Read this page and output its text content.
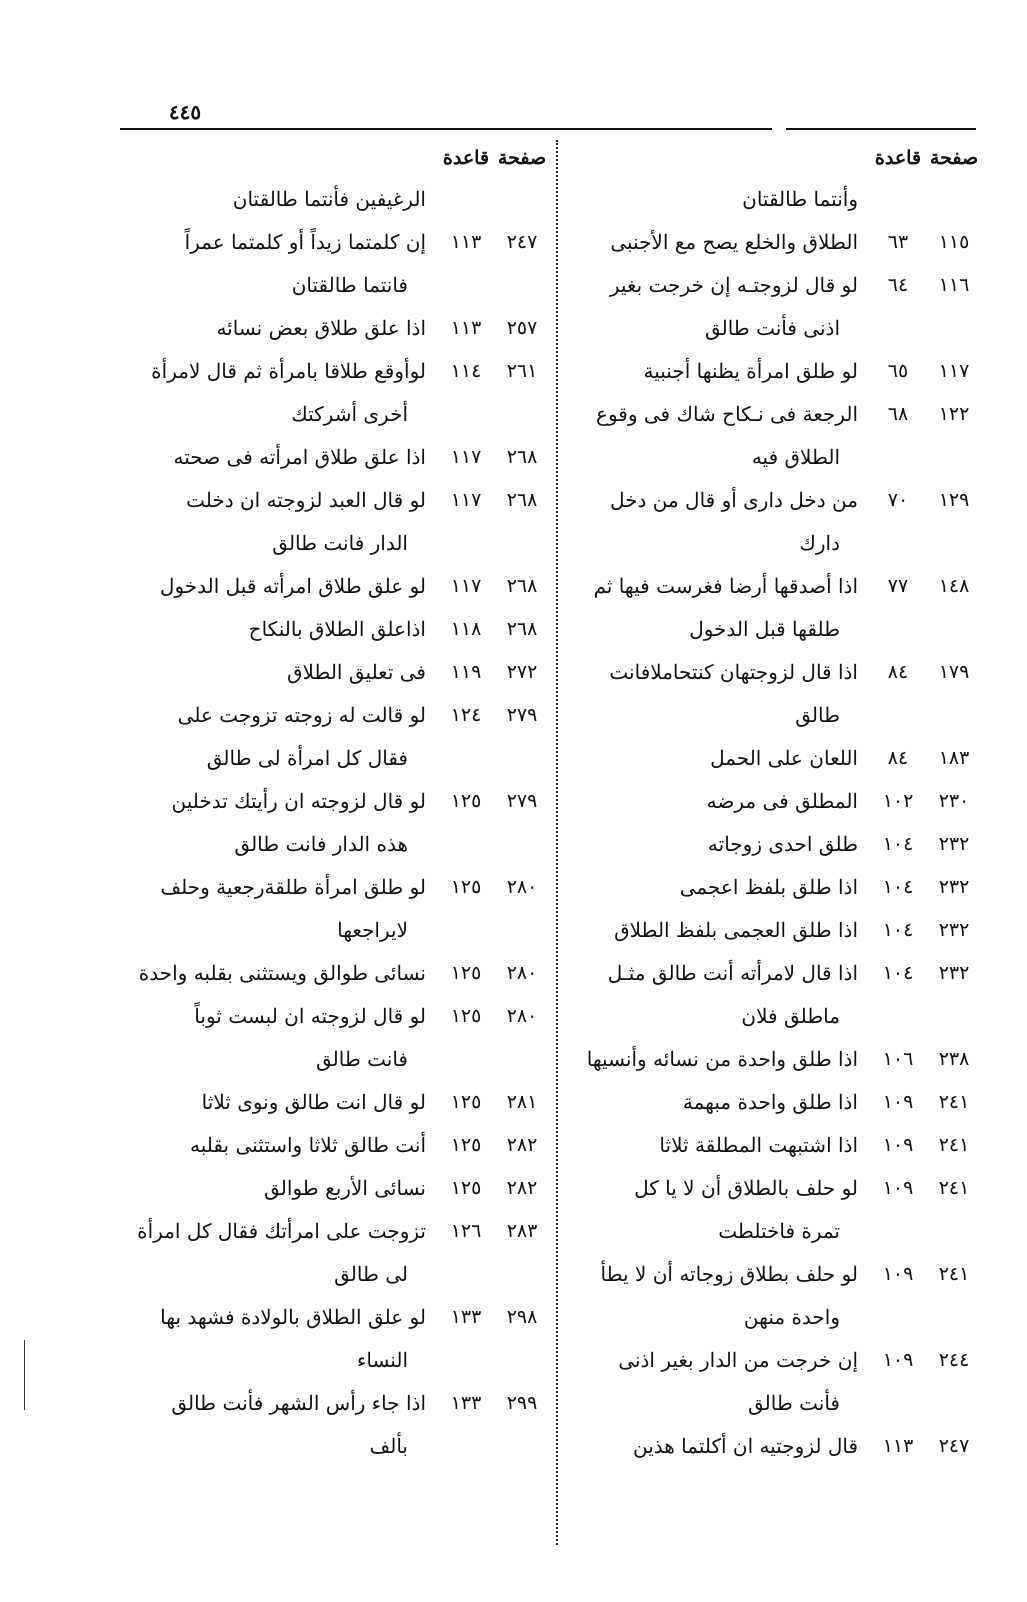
٤٤٥
صفحة
قاعدة
وأنتما طالقتان
١١٥
٦٣
الطلاق والخلع يصح مع الأجنبى
١١٦
٦٤
لو قال لزوجتـه إن خرجت بغير
اذنى فأنت طالق
١١٧
٦٥
لو طلق امرأة يظنها أجنبية
١٢٢
٦٨
الرجعة فى نـكاح شاك فى وقوع
الطلاق فيه
١٢٩
٧٠
من دخل دارى أو قال من دخل
دارك
١٤٨
٧٧
اذا أصدقها أرضا فغرست فيها ثم
طلقها قبل الدخول
١٧٩
٨٤
اذا قال لزوجتهان كنتحاملافانت
طالق
١٨٣
٨٤
اللعان على الحمل
٢٣٠
١٠٢
المطلق فى مرضه
٢٣٢
١٠٤
طلق احدى زوجاته
٢٣٢
١٠٤
اذا طلق بلفظ اعجمى
٢٣٢
١٠٤
اذا طلق العجمى بلفظ الطلاق
٢٣٢
١٠٤
اذا قال لامرأته أنت طالق مثـل
ماطلق فلان
٢٣٨
١٠٦
اذا طلق واحدة من نسائه وأنسيها
٢٤١
١٠٩
اذا طلق واحدة مبهمة
٢٤١
١٠٩
اذا اشتبهت المطلقة ثلاثا
٢٤١
١٠٩
لو حلف بالطلاق أن لا يا كل
تمرة فاختلطت
٢٤١
١٠٩
لو حلف بطلاق زوجاته أن لا يطأ
واحدة منهن
٢٤٤
١٠٩
إن خرجت من الدار بغير اذنى
فأنت طالق
٢٤٧
١١٣
قال لزوجتيه ان أكلتما هذين
صفحة
قاعدة
الرغيفين فأنتما طالقتان
٢٤٧
١١٣
إن كلمتما زيداً أو كلمتما عمراً
فانتما طالقتان
٢٥٧
١١٣
اذا علق طلاق بعض نسائه
٢٦١
١١٤
لوأوقع طلاقا بامرأة ثم قال لامرأة
أخرى أشركتك
٢٦٨
١١٧
اذا علق طلاق امرأته فى صحته
٢٦٨
١١٧
لو قال العبد لزوجته ان دخلت
الدار فانت طالق
٢٦٨
١١٧
لو علق طلاق امرأته قبل الدخول
٢٦٨
١١٨
اذاعلق الطلاق بالنكاح
٢٧٢
١١٩
فى تعليق الطلاق
٢٧٩
١٢٤
لو قالت له زوجته تزوجت على
فقال كل امرأة لى طالق
٢٧٩
١٢٥
لو قال لزوجته ان رأيتك تدخلين
هذه الدار فانت طالق
٢٨٠
١٢٥
لو طلق امرأة طلقةرجعية وحلف
لايراجعها
٢٨٠
١٢٥
نسائى طوالق ويستثنى بقلبه واحدة
٢٨٠
١٢٥
لو قال لزوجته ان لبست ثوباً
فانت طالق
٢٨١
١٢٥
لو قال انت طالق ونوى ثلاثا
٢٨٢
١٢٥
أنت طالق ثلاثا واستثنى بقلبه
٢٨٢
١٢٥
نسائى الأربع طوالق
٢٨٣
١٢٦
تزوجت على امرأتك فقال كل امرأة
لى طالق
٢٩٨
١٣٣
لو علق الطلاق بالولادة فشهد بها
النساء
٢٩٩
١٣٣
اذا جاء رأس الشهر فأنت طالق
بألف
